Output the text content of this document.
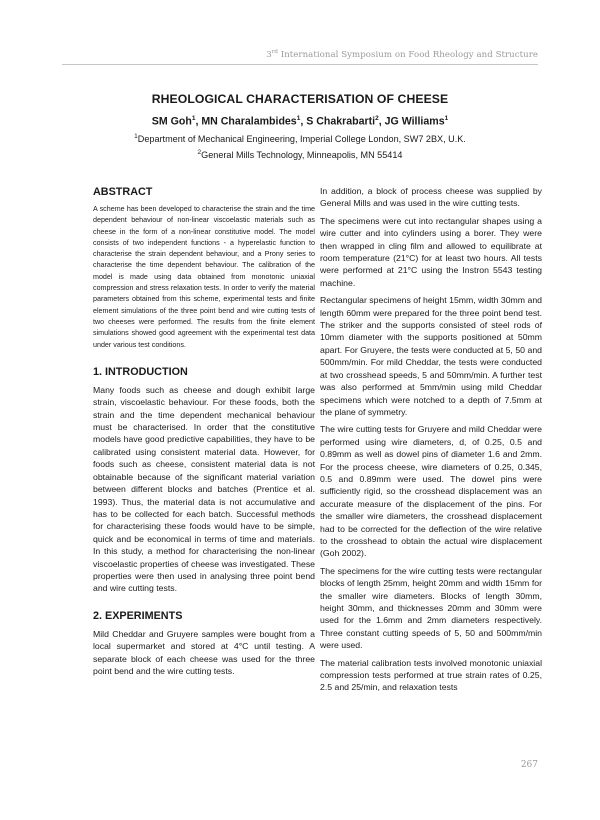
3rd International Symposium on Food Rheology and Structure
RHEOLOGICAL CHARACTERISATION OF CHEESE
SM Goh$^1$, MN Charalambides$^1$, S Chakrabarti$^2$, JG Williams$^1$
$^1$Department of Mechanical Engineering, Imperial College London, SW7 2BX, U.K.
$^2$General Mills Technology, Minneapolis, MN 55414
ABSTRACT

A scheme has been developed to characterise the strain and the time dependent behaviour of non-linear viscoelastic materials such as cheese in the form of a non-linear constitutive model. The model consists of two independent functions - a hyperelastic function to characterise the strain dependent behaviour, and a Prony series to characterise the time dependent behaviour. The calibration of the model is made using data obtained from monotonic uniaxial compression and stress relaxation tests. In order to verify the material parameters obtained from this scheme, experimental tests and finite element simulations of the three point bend and wire cutting tests of two cheeses were performed. The results from the finite element simulations showed good agreement with the experimental test data under various test conditions.

1. INTRODUCTION

Many foods such as cheese and dough exhibit large strain, viscoelastic behaviour. For these foods, both the strain and the time dependent mechanical behaviour must be characterised. In order that the constitutive models have good predictive capabilities, they have to be calibrated using consistent material data. However, for foods such as cheese, consistent material data is not obtainable because of the significant material variation between different blocks and batches (Prentice et al. 1993). Thus, the material data is not accumulative and has to be collected for each batch. Successful methods for characterising these foods would have to be simple, quick and be economical in terms of time and materials. In this study, a method for characterising the non-linear viscoelastic properties of cheese was investigated. These properties were then used in analysing three point bend and wire cutting tests.

2. EXPERIMENTS

Mild Cheddar and Gruyere samples were bought from a local supermarket and stored at 4°C until testing. A separate block of each cheese was used for the three point bend and the wire cutting tests.

In addition, a block of process cheese was supplied by General Mills and was used in the wire cutting tests.

The specimens were cut into rectangular shapes using a wire cutter and into cylinders using a borer. They were then wrapped in cling film and allowed to equilibrate at room temperature (21°C) for at least two hours. All tests were performed at 21°C using the Instron 5543 testing machine.

Rectangular specimens of height 15mm, width 30mm and length 60mm were prepared for the three point bend test. The striker and the supports consisted of steel rods of 10mm diameter with the supports positioned at 50mm apart. For Gruyere, the tests were conducted at 5, 50 and 500mm/min. For mild Cheddar, the tests were conducted at two crosshead speeds, 5 and 50mm/min. A further test was also performed at 5mm/min using mild Cheddar specimens which were notched to a depth of 7.5mm at the plane of symmetry.

The wire cutting tests for Gruyere and mild Cheddar were performed using wire diameters, d, of 0.25, 0.5 and 0.89mm as well as dowel pins of diameter 1.6 and 2mm. For the process cheese, wire diameters of 0.25, 0.345, 0.5 and 0.89mm were used. The dowel pins were sufficiently rigid, so the crosshead displacement was an accurate measure of the displacement of the pins. For the smaller wire diameters, the crosshead displacement had to be corrected for the deflection of the wire relative to the crosshead to obtain the actual wire displacement (Goh 2002).

The specimens for the wire cutting tests were rectangular blocks of length 25mm, height 20mm and width 15mm for the smaller wire diameters. Blocks of length 30mm, height 30mm, and thicknesses 20mm and 30mm were used for the 1.6mm and 2mm diameters respectively. Three constant cutting speeds of 5, 50 and 500mm/min were used.

The material calibration tests involved monotonic uniaxial compression tests performed at true strain rates of 0.25, 2.5 and 25/min, and relaxation tests

267
